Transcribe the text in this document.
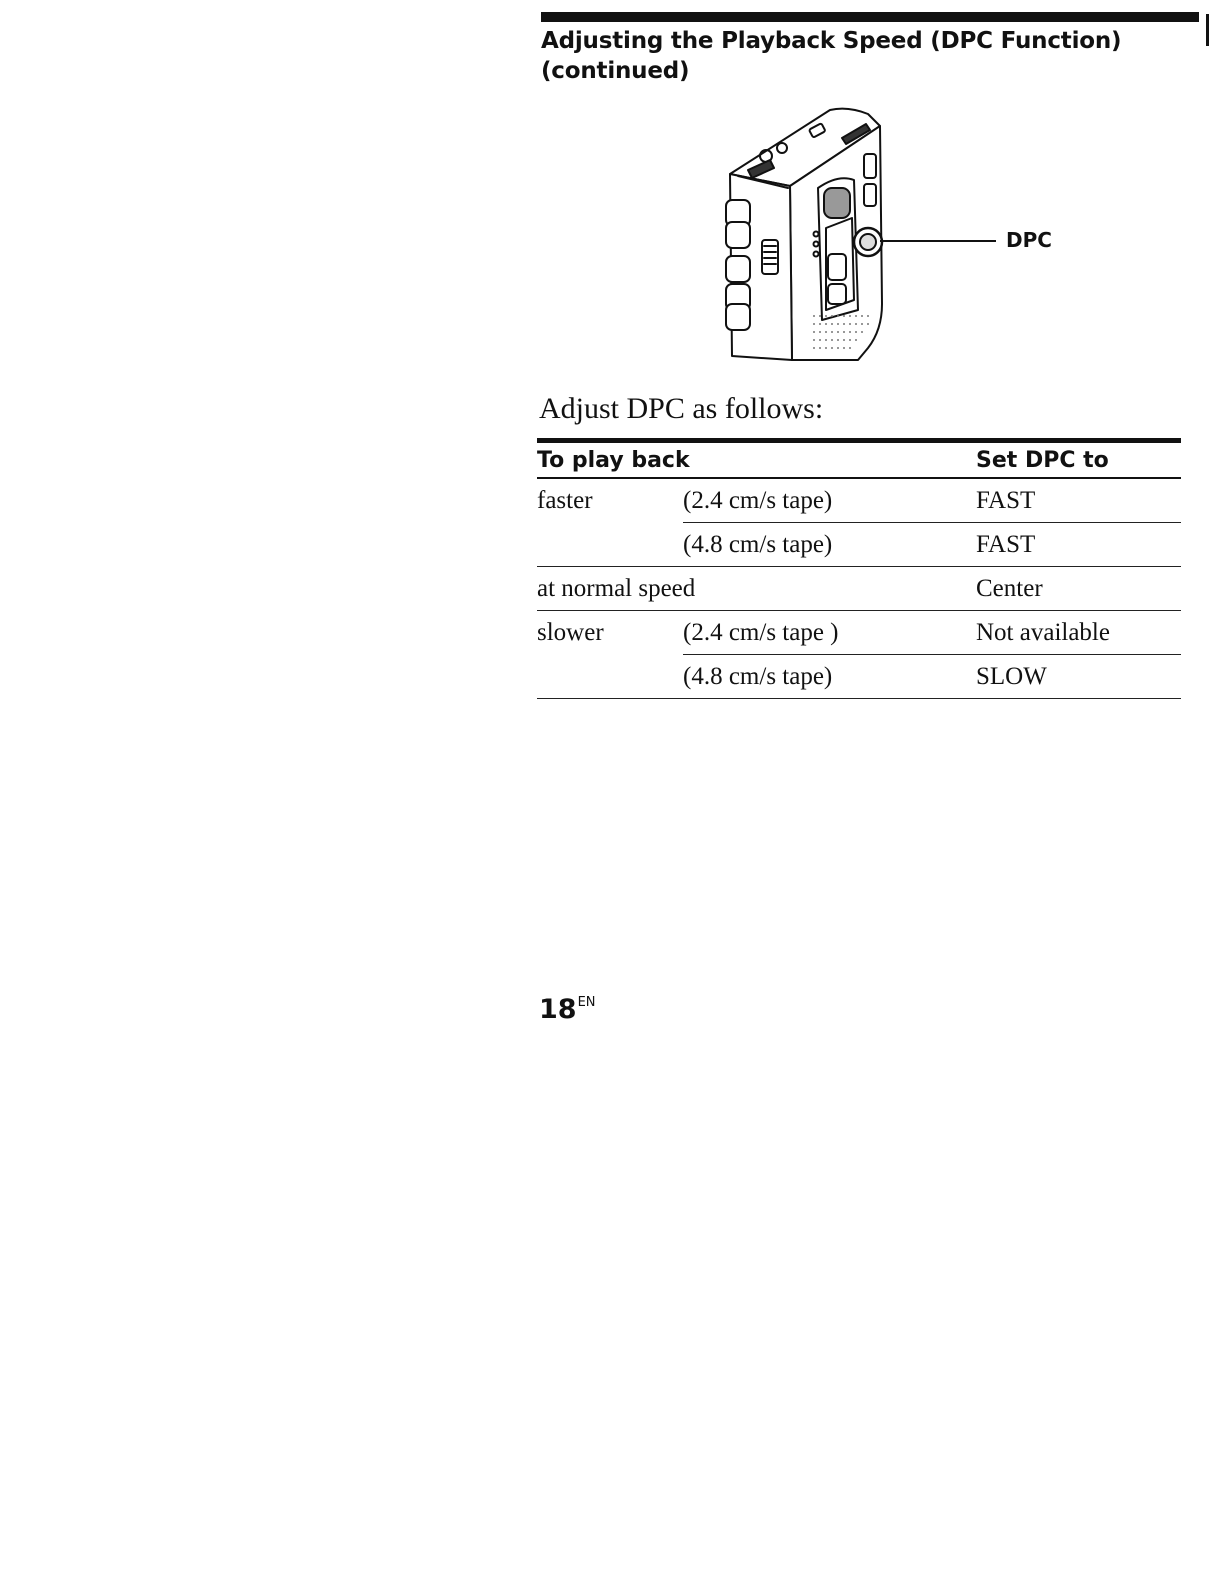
Adjusting the Playback Speed (DPC Function)
(continued)
DPC
Adjust DPC as follows:
To play back		Set DPC to
faster	(2.4 cm/s tape)	FAST
	(4.8 cm/s tape)	FAST
at normal speed		Center
slower	(2.4 cm/s tape )	Not available
	(4.8 cm/s tape)	SLOW
$18^{EN}$
